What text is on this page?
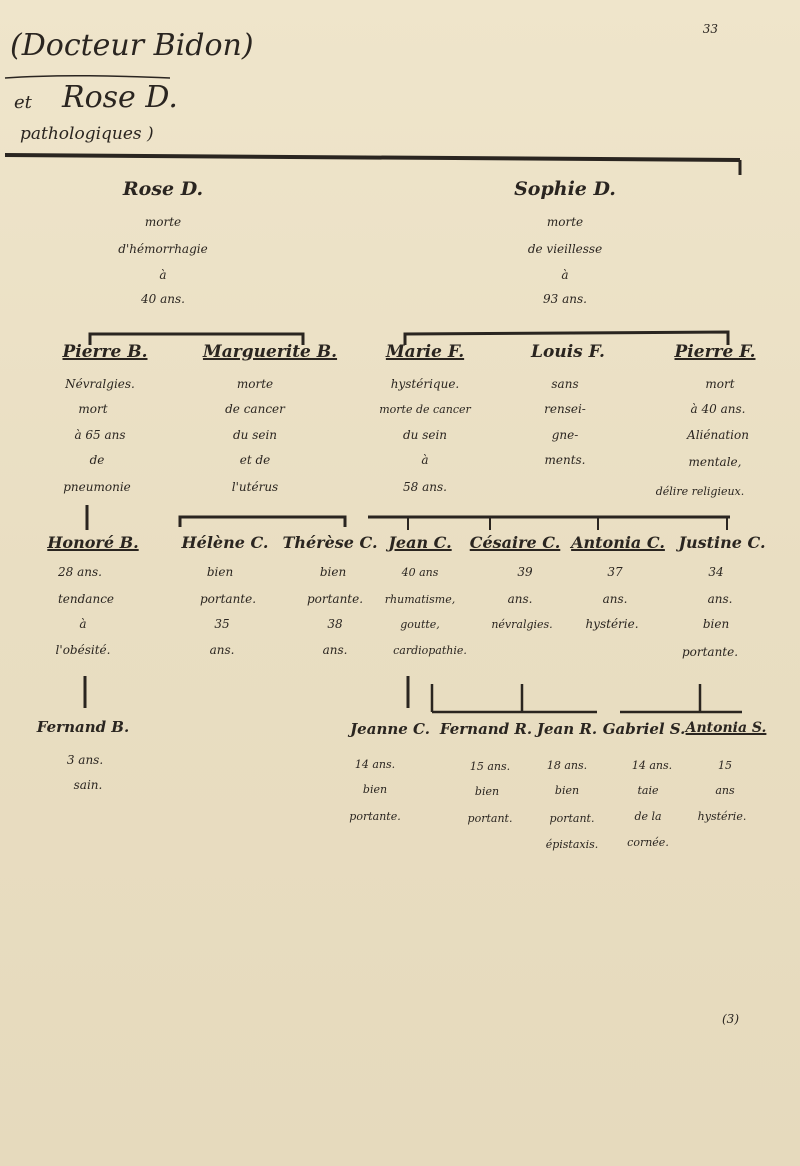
33
(Docteur Bidon)
et Rose D.
pathologiques )
Rose D.
morte
d'hémorrhagie
à
40 ans.
Sophie D.
morte
de vieillesse
à
93 ans.
Pierre B.
Névralgies.
mort
à 65 ans
de
pneumonie
Marguerite B.
morte
de cancer
du sein
et de
l'utérus
Marie F.
hystérique.
morte de cancer
du sein
à
58 ans.
Louis F.
sans
rensei-
gne-
ments.
Pierre F.
mort
à 40 ans.
Aliénation
mentale,
délire religieux.
Honoré B.
28 ans.
tendance
à
l'obésité.
Hélène C.
bien
portante.
35
ans.
Thérèse C.
bien
portante.
38
ans.
Jean C.
40 ans
rhumatisme,
goutte,
cardiopathie.
Césaire C.
39
ans.
névralgies.
Antonia C.
37
ans.
hystérie.
Justine C.
34
ans.
bien
portante.
Fernand B.
3 ans.
sain.
Jeanne C.
14 ans.
bien
portante.
Fernand R.
15 ans.
bien
portant.
Jean R.
18 ans.
bien
portant.
épistaxis.
Gabriel S.
14 ans.
taie
de la
cornée.
Antonia S.
15
ans
hystérie.
(3)
